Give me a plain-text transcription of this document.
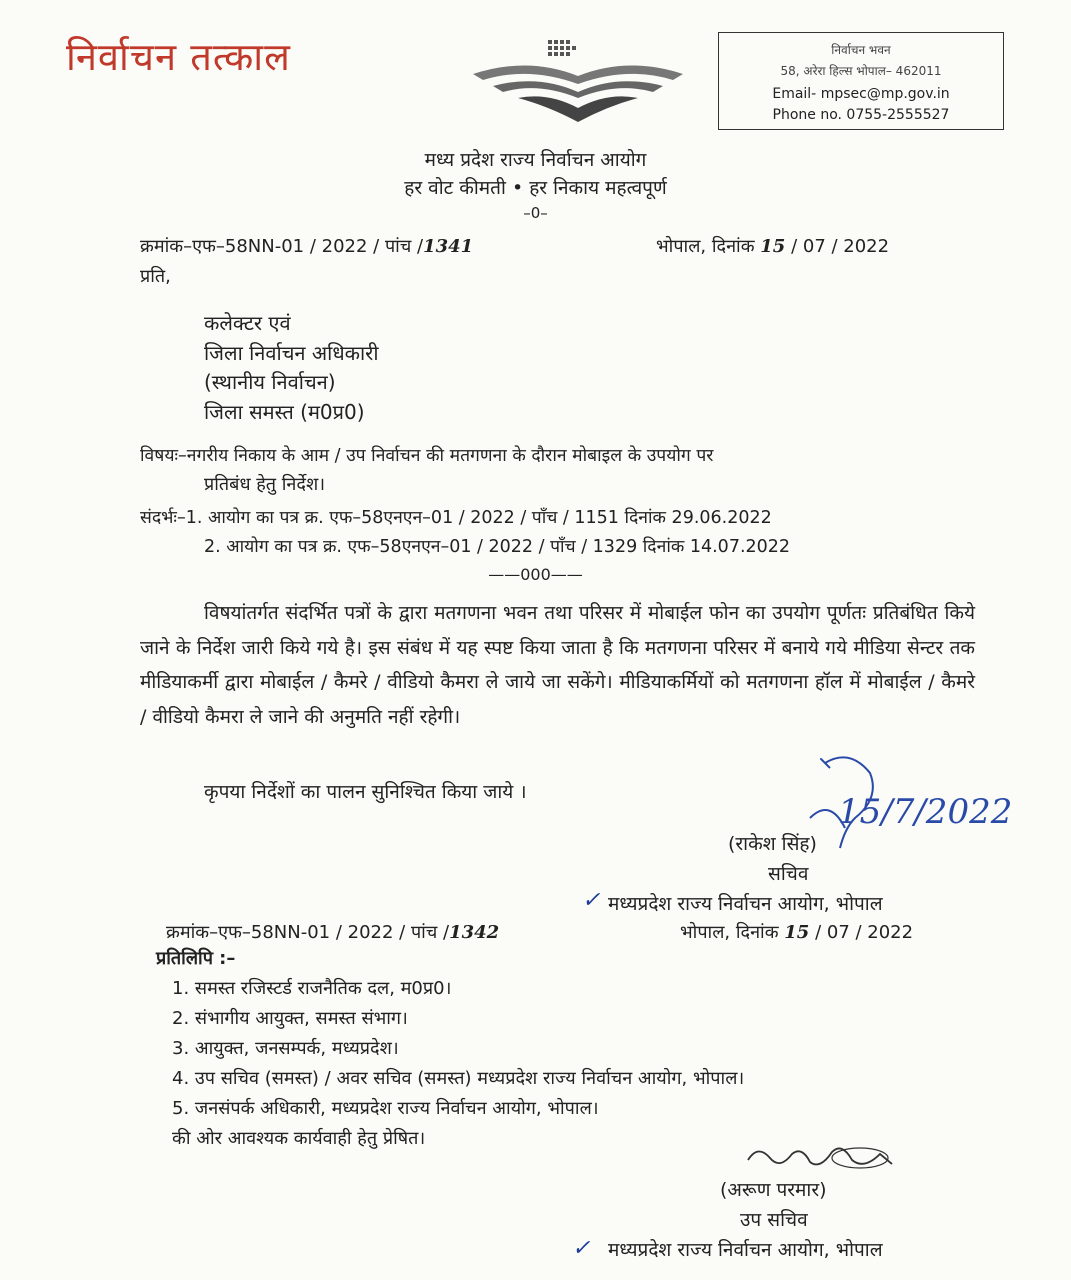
निर्वाचन तत्काल	निर्वाचन भवन
58, अरेरा हिल्स भोपाल– 462011
Email- mpsec@mp.gov.in
Phone no. 0755-2555527
मध्य प्रदेश राज्य निर्वाचन आयोग
हर वोट कीमती • हर निकाय महत्वपूर्ण
–0–
क्रमांक–एफ–58NN-01 / 2022 / पांच /1341	भोपाल, दिनांक 15 / 07 / 2022
प्रति,
कलेक्टर एवं
जिला निर्वाचन अधिकारी
(स्थानीय निर्वाचन)
जिला समस्त (म0प्र0)
विषयः–नगरीय निकाय के आम / उप निर्वाचन की मतगणना के दौरान मोबाइल के उपयोग पर
प्रतिबंध हेतु निर्देश।
संदर्भः–1. आयोग का पत्र क्र. एफ–58एनएन–01 / 2022 / पाँच / 1151 दिनांक 29.06.2022
2. आयोग का पत्र क्र. एफ–58एनएन–01 / 2022 / पाँच / 1329 दिनांक 14.07.2022
——000——
विषयांतर्गत संदर्भित पत्रों के द्वारा मतगणना भवन तथा परिसर में मोबाईल फोन का उपयोग पूर्णतः प्रतिबंधित किये जाने के निर्देश जारी किये गये है। इस संबंध में यह स्पष्ट किया जाता है कि मतगणना परिसर में बनाये गये मीडिया सेन्टर तक मीडियाकर्मी द्वारा मोबाईल / कैमरे / वीडियो कैमरा ले जाये जा सकेंगे। मीडियाकर्मियों को मतगणना हॉल में मोबाईल / कैमरे / वीडियो कैमरा ले जाने की अनुमति नहीं रहेगी।
कृपया निर्देशों का पालन सुनिश्चित किया जाये ।	15/7/2022
(राकेश सिंह)
सचिव
✓ मध्यप्रदेश राज्य निर्वाचन आयोग, भोपाल
क्रमांक–एफ–58NN-01 / 2022 / पांच /1342	भोपाल, दिनांक 15 / 07 / 2022
प्रतिलिपि :–
1. समस्त रजिस्टर्ड राजनैतिक दल, म0प्र0।
2. संभागीय आयुक्त, समस्त संभाग।
3. आयुक्त, जनसम्पर्क, मध्यप्रदेश।
4. उप सचिव (समस्त) / अवर सचिव (समस्त) मध्यप्रदेश राज्य निर्वाचन आयोग, भोपाल।
5. जनसंपर्क अधिकारी, मध्यप्रदेश राज्य निर्वाचन आयोग, भोपाल।
की ओर आवश्यक कार्यवाही हेतु प्रेषित।
(अरूण परमार)
उप सचिव
✓ मध्यप्रदेश राज्य निर्वाचन आयोग, भोपाल
